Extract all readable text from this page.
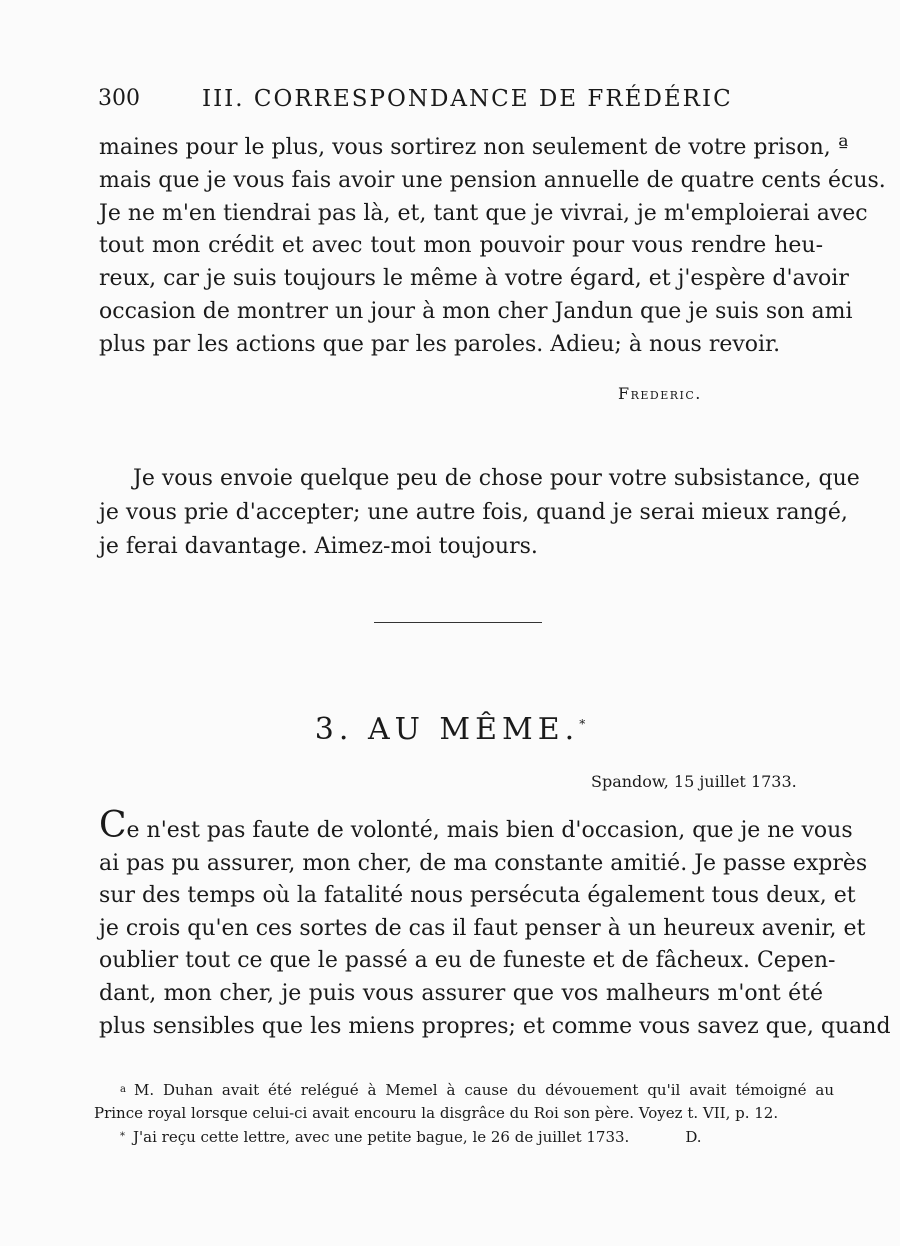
300	III. CORRESPONDANCE DE FRÉDÉRIC
maines pour le plus, vous sortirez non seulement de votre prison, ª
mais que je vous fais avoir une pension annuelle de quatre cents écus.
Je ne m'en tiendrai pas là, et, tant que je vivrai, je m'emploierai avec
tout mon crédit et avec tout mon pouvoir pour vous rendre heu-
reux, car je suis toujours le même à votre égard, et j'espère d'avoir
occasion de montrer un jour à mon cher Jandun que je suis son ami
plus par les actions que par les paroles. Adieu; à nous revoir.
Frederic.
Je vous envoie quelque peu de chose pour votre subsistance, que
je vous prie d'accepter; une autre fois, quand je serai mieux rangé,
je ferai davantage. Aimez-moi toujours.
3. AU MÊME.*
Spandow, 15 juillet 1733.
Ce n'est pas faute de volonté, mais bien d'occasion, que je ne vous
ai pas pu assurer, mon cher, de ma constante amitié. Je passe exprès
sur des temps où la fatalité nous persécuta également tous deux, et
je crois qu'en ces sortes de cas il faut penser à un heureux avenir, et
oublier tout ce que le passé a eu de funeste et de fâcheux. Cepen-
dant, mon cher, je puis vous assurer que vos malheurs m'ont été
plus sensibles que les miens propres; et comme vous savez que, quand
$^a$ M. Duhan avait été relégué à Memel à cause du dévouement qu'il avait témoigné au
Prince royal lorsque celui-ci avait encouru la disgrâce du Roi son père. Voyez t. VII, p. 12.
* J'ai reçu cette lettre, avec une petite bague, le 26 de juillet 1733.	D.
